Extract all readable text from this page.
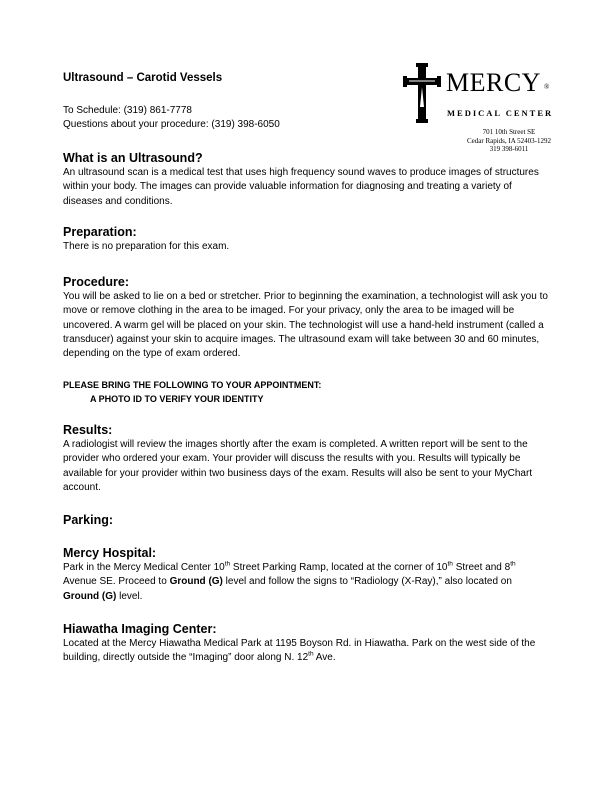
Ultrasound – Carotid Vessels
To Schedule: (319) 861-7778
Questions about your procedure: (319) 398-6050
MERCY ®
MEDICAL CENTER
701 10th Street SE
Cedar Rapids, IA 52403-1292
319 398-6011
What is an Ultrasound?
An ultrasound scan is a medical test that uses high frequency sound waves to produce images of structures within your body. The images can provide valuable information for diagnosing and treating a variety of diseases and conditions.
Preparation:
There is no preparation for this exam.
Procedure:
You will be asked to lie on a bed or stretcher. Prior to beginning the examination, a technologist will ask you to move or remove clothing in the area to be imaged. For your privacy, only the area to be imaged will be uncovered. A warm gel will be placed on your skin. The technologist will use a hand-held instrument (called a transducer) against your skin to acquire images. The ultrasound exam will take between 30 and 60 minutes, depending on the type of exam ordered.
PLEASE BRING THE FOLLOWING TO YOUR APPOINTMENT:
A PHOTO ID TO VERIFY YOUR IDENTITY
Results:
A radiologist will review the images shortly after the exam is completed. A written report will be sent to the provider who ordered your exam. Your provider will discuss the results with you. Results will typically be available for your provider within two business days of the exam. Results will also be sent to your MyChart account.
Parking:
Mercy Hospital:
Park in the Mercy Medical Center 10th Street Parking Ramp, located at the corner of 10th Street and 8th Avenue SE. Proceed to Ground (G) level and follow the signs to “Radiology (X-Ray),” also located on Ground (G) level.
Hiawatha Imaging Center:
Located at the Mercy Hiawatha Medical Park at 1195 Boyson Rd. in Hiawatha. Park on the west side of the building, directly outside the “Imaging” door along N. 12th Ave.
